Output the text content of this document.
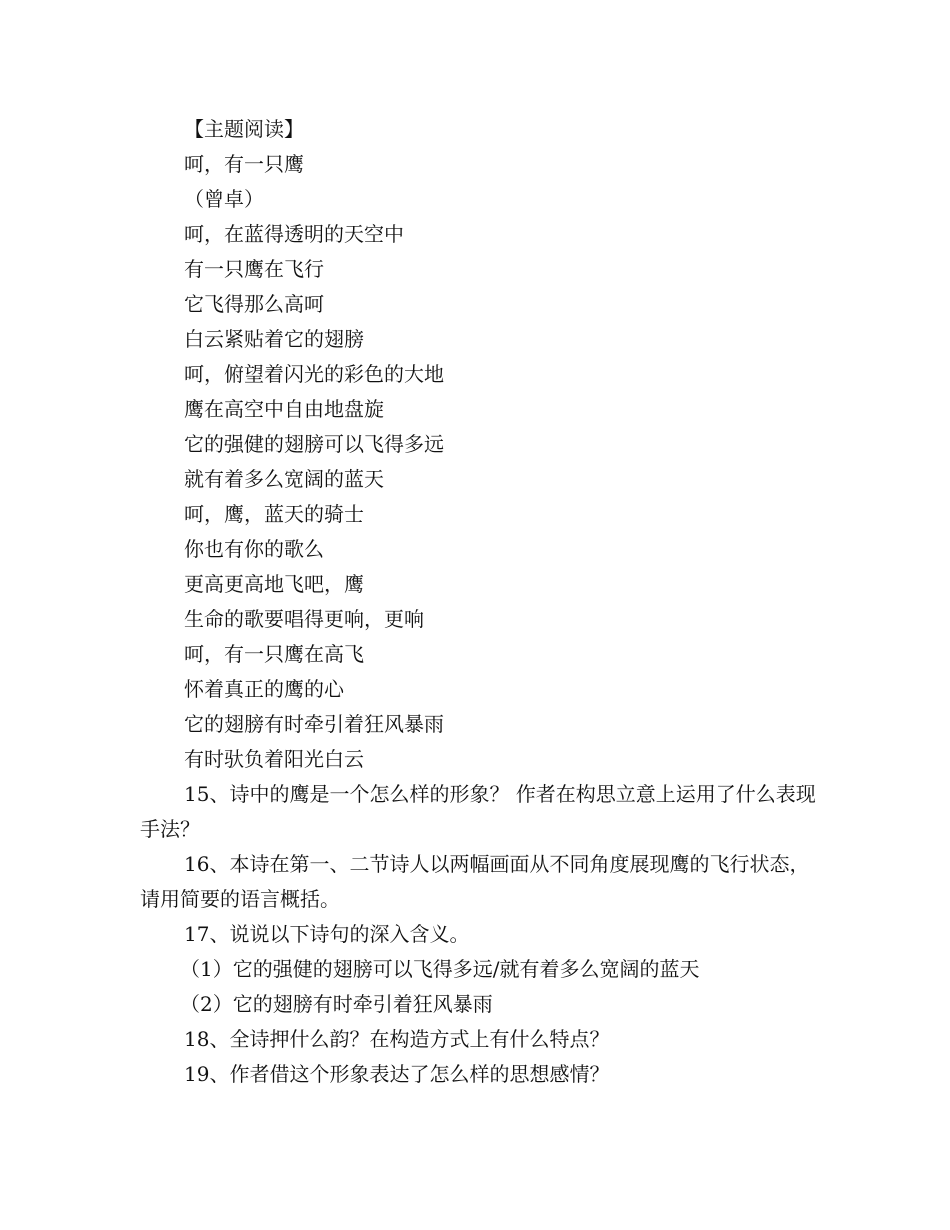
【主题阅读】
呵，有一只鹰
（曾卓）
呵，在蓝得透明的天空中
有一只鹰在飞行
它飞得那么高呵
白云紧贴着它的翅膀
呵，俯望着闪光的彩色的大地
鹰在高空中自由地盘旋
它的强健的翅膀可以飞得多远
就有着多么宽阔的蓝天
呵，鹰，蓝天的骑士
你也有你的歌么
更高更高地飞吧，鹰
生命的歌要唱得更响，更响
呵，有一只鹰在高飞
怀着真正的鹰的心
它的翅膀有时牵引着狂风暴雨
有时驮负着阳光白云

15、诗中的鹰是一个怎么样的形象？ 作者在构思立意上运用了什么表现手法？

16、本诗在第一、二节诗人以两幅画面从不同角度展现鹰的飞行状态，请用简要的语言概括。

17、说说以下诗句的深入含义。
（1）它的强健的翅膀可以飞得多远/就有着多么宽阔的蓝天
（2）它的翅膀有时牵引着狂风暴雨
18、全诗押什么韵？在构造方式上有什么特点？
19、作者借这个形象表达了怎么样的思想感情？
